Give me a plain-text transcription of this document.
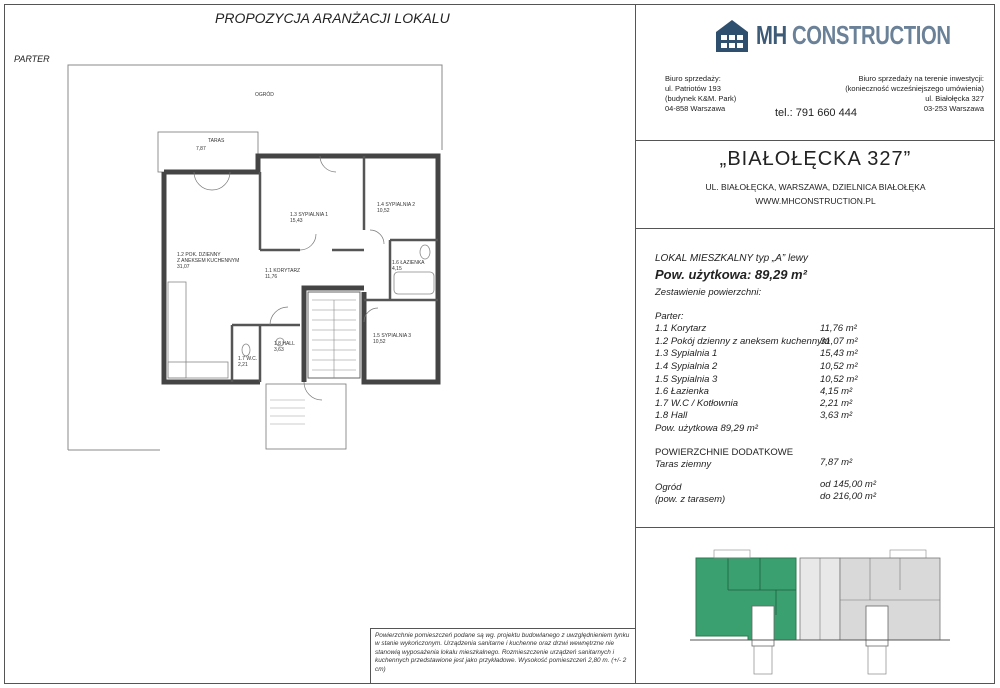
PROPOZYCJA ARANŻACJI LOKALU
PARTER
OGRÓD
TARAS
7,87
1.2 POK. DZIENNY
Z ANEKSEM KUCHENNYM
31,07
1.3 SYPIALNIA 1
15,43
1.4 SYPIALNIA 2
10,52
1.6 ŁAZIENKA
4,15
1.1 KORYTARZ
11,76
1.8 HALL
3,63
1.7 W.C.
2,21
1.5 SYPIALNIA 3
10,52
Powierzchnie pomieszczeń podane są wg. projektu budowlanego z uwzględnieniem tynku w stanie wykończonym. Urządzenia sanitarne i kuchenne oraz drzwi wewnętrzne nie stanowią wyposażenia lokalu mieszkalnego. Rozmieszczenie urządzeń sanitarnych i kuchennych przedstawione jest jako przykładowe. Wysokość pomieszczeń 2,80 m. (+/- 2 cm)
MH CONSTRUCTION
Biuro sprzedaży:
ul. Patriotów 193
(budynek K&M. Park)
04-858 Warszawa	tel.: 791 660 444
Biuro sprzedaży na terenie inwestycji:
(konieczność wcześniejszego umówienia)
ul. Białołęcka 327
03-253 Warszawa
„BIAŁOŁĘCKA 327”
UL. BIAŁOŁĘCKA, WARSZAWA, DZIELNICA BIAŁOŁĘKA
WWW.MHCONSTRUCTION.PL
LOKAL MIESZKALNY typ „A” lewy
Pow. użytkowa: 89,29 m²
Zestawienie powierzchni:
Parter:
1.1 Korytarz	11,76 m²
1.2 Pokój dzienny z aneksem kuchennym
31,07 m²
1.3 Sypialnia 1	15,43 m²
1.4 Sypialnia 2	10,52 m²
1.5 Sypialnia 3	10,52 m²
1.6 Łazienka	4,15 m²
1.7 W.C / Kotłownia	2,21 m²
1.8 Hall	3,63 m²
Pow. użytkowa 89,29 m²
POWIERZCHNIE DODATKOWE
Taras ziemny	7,87 m²
Ogród
(pow. z tarasem)
od 145,00 m²
do 216,00 m²
